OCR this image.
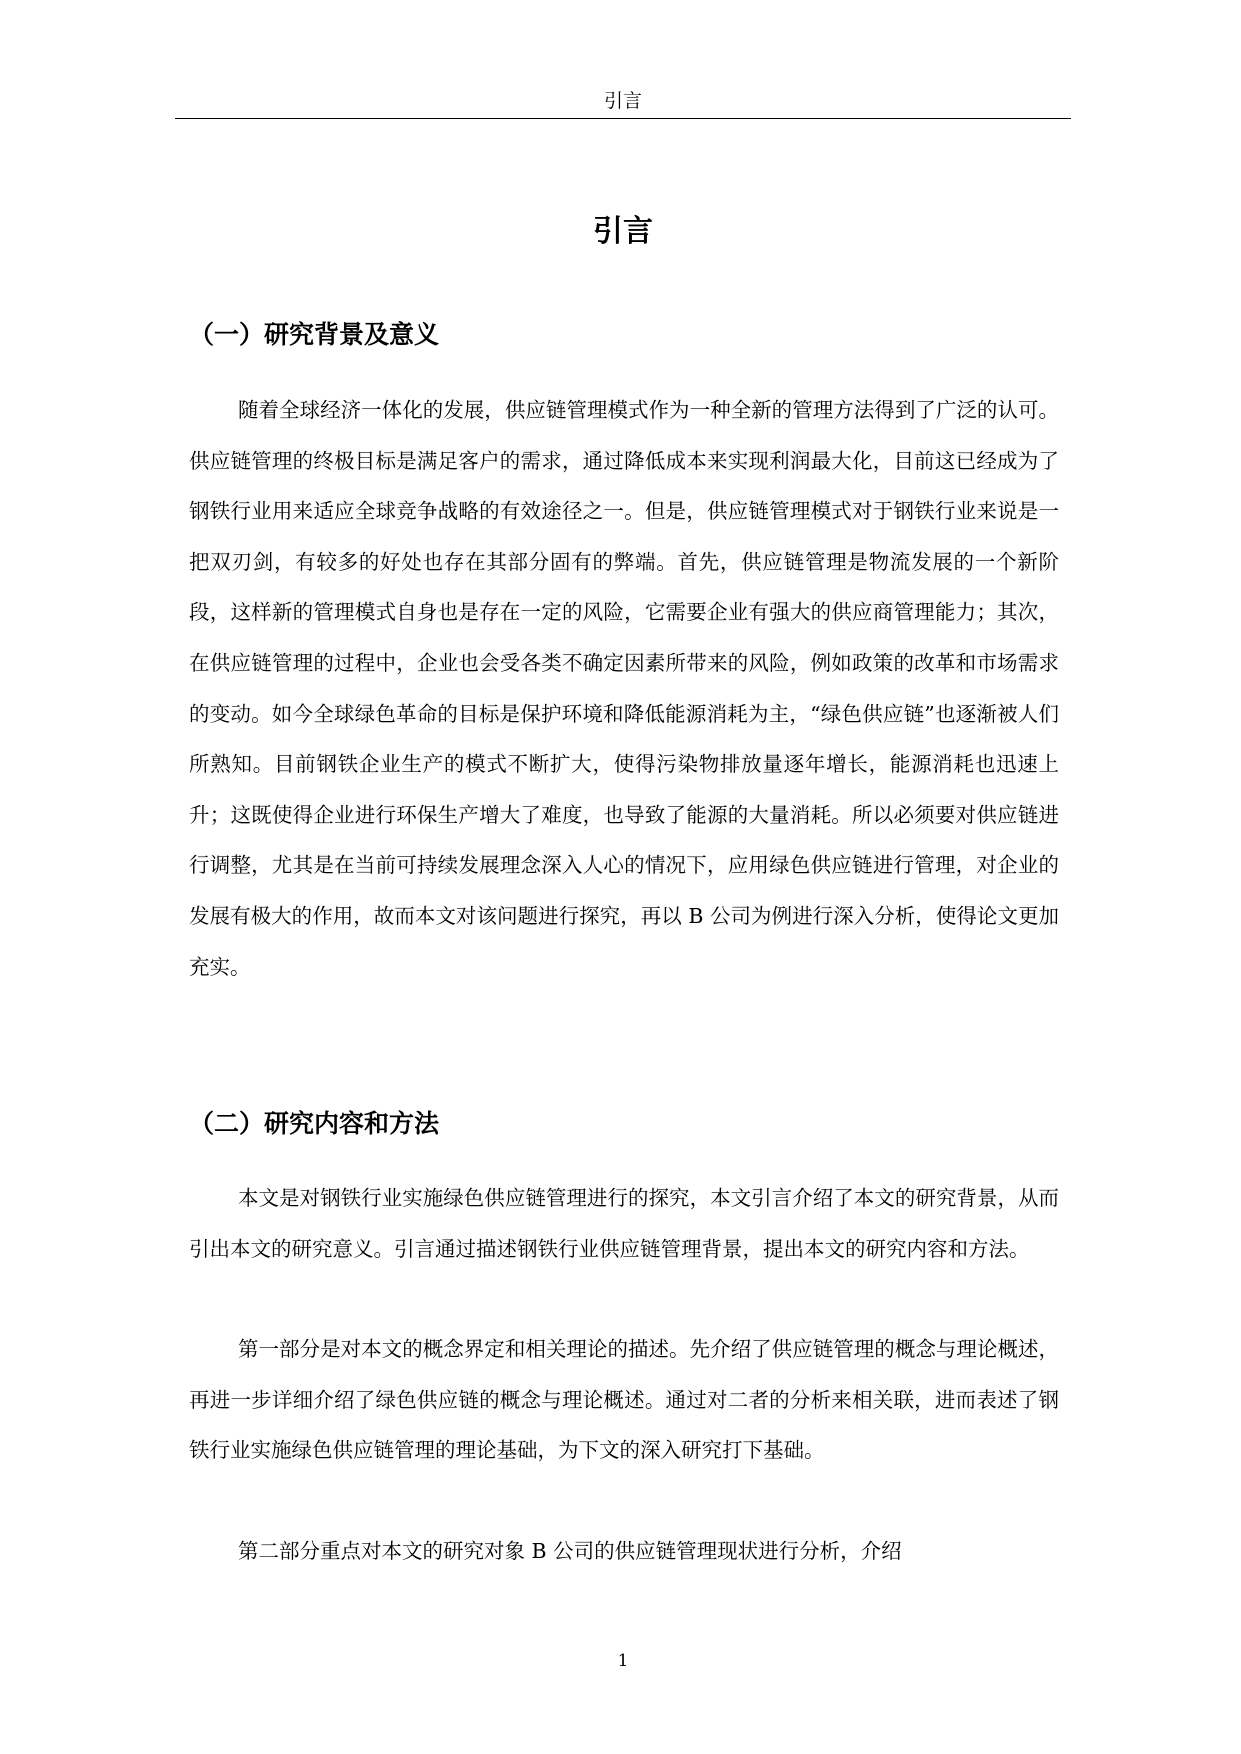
引言
引言
（一）研究背景及意义

随着全球经济一体化的发展，供应链管理模式作为一种全新的管理方法得到了广泛的认可。供应链管理的终极目标是满足客户的需求，通过降低成本来实现利润最大化，目前这已经成为了钢铁行业用来适应全球竞争战略的有效途径之一。但是，供应链管理模式对于钢铁行业来说是一把双刃剑，有较多的好处也存在其部分固有的弊端。首先，供应链管理是物流发展的一个新阶段，这样新的管理模式自身也是存在一定的风险，它需要企业有强大的供应商管理能力；其次，在供应链管理的过程中，企业也会受各类不确定因素所带来的风险，例如政策的改革和市场需求的变动。如今全球绿色革命的目标是保护环境和降低能源消耗为主，“绿色供应链”也逐渐被人们所熟知。目前钢铁企业生产的模式不断扩大，使得污染物排放量逐年增长，能源消耗也迅速上升；这既使得企业进行环保生产增大了难度，也导致了能源的大量消耗。所以必须要对供应链进行调整，尤其是在当前可持续发展理念深入人心的情况下，应用绿色供应链进行管理，对企业的发展有极大的作用，故而本文对该问题进行探究，再以 B 公司为例进行深入分析，使得论文更加充实。

（二）研究内容和方法

本文是对钢铁行业实施绿色供应链管理进行的探究，本文引言介绍了本文的研究背景，从而引出本文的研究意义。引言通过描述钢铁行业供应链管理背景，提出本文的研究内容和方法。

第一部分是对本文的概念界定和相关理论的描述。先介绍了供应链管理的概念与理论概述，再进一步详细介绍了绿色供应链的概念与理论概述。通过对二者的分析来相关联，进而表述了钢铁行业实施绿色供应链管理的理论基础，为下文的深入研究打下基础。

第二部分重点对本文的研究对象 B 公司的供应链管理现状进行分析，介绍

1
